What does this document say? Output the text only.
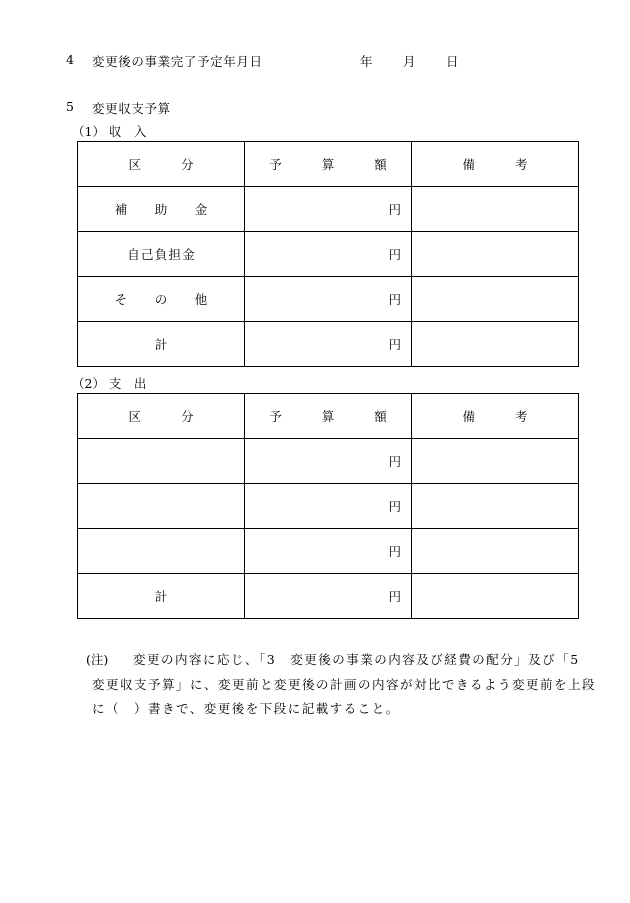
4 変更後の事業完了予定年月日	年 月 日
5 変更収支予算
（1） 収　入
区　分	予　算　額	備　考
補　助　金	円	
自己負担金	円	
そ　の　他	円	
計	円	
（2） 支　出
区　分	予　算　額	備　考
	円	
	円	
	円	
計	円	
(注) 変更の内容に応じ、「3　変更後の事業の内容及び経費の配分」及び「5
変更収支予算」に、変更前と変更後の計画の内容が対比できるよう変更前を上段
に（　）書きで、変更後を下段に記載すること。
